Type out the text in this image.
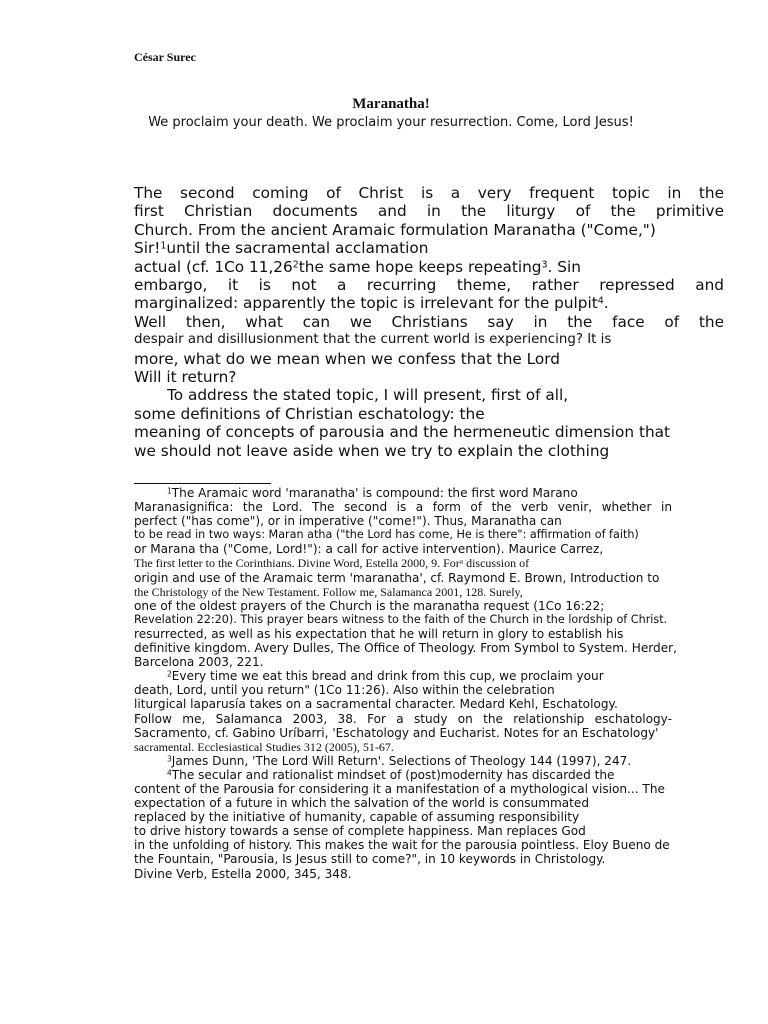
César Surec
Maranatha!
We proclaim your death. We proclaim your resurrection. Come, Lord Jesus!
The second coming of Christ is a very frequent topic in the
first Christian documents and in the liturgy of the primitive
Church. From the ancient Aramaic formulation Maranatha ("Come,")
Sir!$^1$until the sacramental acclamation
actual (cf. 1Co 11,26$^2$the same hope keeps repeating$^3$. Sin
embargo, it is not a recurring theme, rather repressed and
marginalized: apparently the topic is irrelevant for the pulpit$^4$.
Well then, what can we Christians say in the face of the
despair and disillusionment that the current world is experiencing? It is
more, what do we mean when we confess that the Lord
Will it return?
To address the stated topic, I will present, first of all,
some definitions of Christian eschatology: the
meaning of concepts of parousia and the hermeneutic dimension that
we should not leave aside when we try to explain the clothing
$^1$The Aramaic word 'maranatha' is compound: the first word Marano
Maranasignifica: the Lord. The second is a form of the verb venir, whether in
perfect ("has come"), or in imperative ("come!"). Thus, Maranatha can
to be read in two ways: Maran atha ("the Lord has come, He is there": affirmation of faith)
or Marana tha ("Come, Lord!"): a call for active intervention). Maurice Carrez,
The first letter to the Corinthians. Divine Word, Estella 2000, 9. For$^a$ discussion of
origin and use of the Aramaic term 'maranatha', cf. Raymond E. Brown, Introduction to
the Christology of the New Testament. Follow me, Salamanca 2001, 128. Surely,
one of the oldest prayers of the Church is the maranatha request (1Co 16:22;
Revelation 22:20). This prayer bears witness to the faith of the Church in the lordship of Christ.
resurrected, as well as his expectation that he will return in glory to establish his
definitive kingdom. Avery Dulles, The Office of Theology. From Symbol to System. Herder,
Barcelona 2003, 221.
$^2$Every time we eat this bread and drink from this cup, we proclaim your
death, Lord, until you return" (1Co 11:26). Also within the celebration
liturgical laparusía takes on a sacramental character. Medard Kehl, Eschatology.
Follow me, Salamanca 2003, 38. For a study on the relationship eschatology-
Sacramento, cf. Gabino Uríbarri, 'Eschatology and Eucharist. Notes for an Eschatology'
sacramental. Ecclesiastical Studies 312 (2005), 51-67.
$^3$James Dunn, 'The Lord Will Return'. Selections of Theology 144 (1997), 247.
$^4$The secular and rationalist mindset of (post)modernity has discarded the
content of the Parousia for considering it a manifestation of a mythological vision... The
expectation of a future in which the salvation of the world is consummated
replaced by the initiative of humanity, capable of assuming responsibility
to drive history towards a sense of complete happiness. Man replaces God
in the unfolding of history. This makes the wait for the parousia pointless. Eloy Bueno de
the Fountain, "Parousia, Is Jesus still to come?", in 10 keywords in Christology.
Divine Verb, Estella 2000, 345, 348.
